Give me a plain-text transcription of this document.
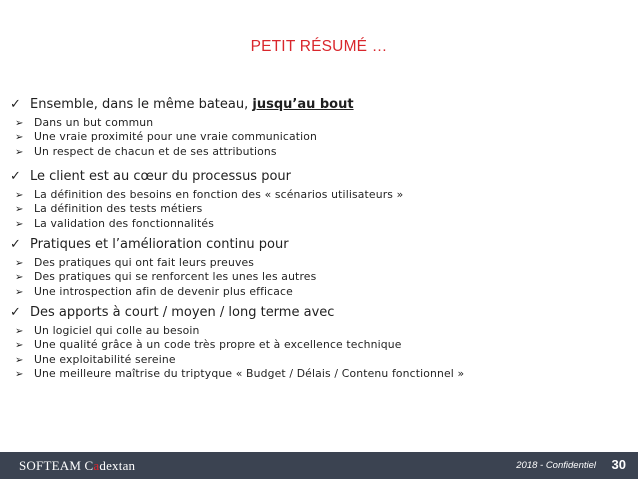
PETIT RÉSUMÉ …
✓ Ensemble, dans le même bateau, jusqu’au bout
➢ Dans un but commun
➢ Une vraie proximité pour une vraie communication
➢ Un respect de chacun et de ses attributions
✓ Le client est au cœur du processus pour
➢ La définition des besoins en fonction des « scénarios utilisateurs »
➢ La définition des tests métiers
➢ La validation des fonctionnalités
✓ Pratiques et l’amélioration continu pour
➢ Des pratiques qui ont fait leurs preuves
➢ Des pratiques qui se renforcent les unes les autres
➢ Une introspection afin de devenir plus efficace
✓ Des apports à court / moyen / long terme avec
➢ Un logiciel qui colle au besoin
➢ Une qualité grâce à un code très propre et à excellence technique
➢ Une exploitabilité sereine
➢ Une meilleure maîtrise du triptyque « Budget / Délais / Contenu fonctionnel »
SOFTEAM Cadextan	2018 - Confidentiel 30
